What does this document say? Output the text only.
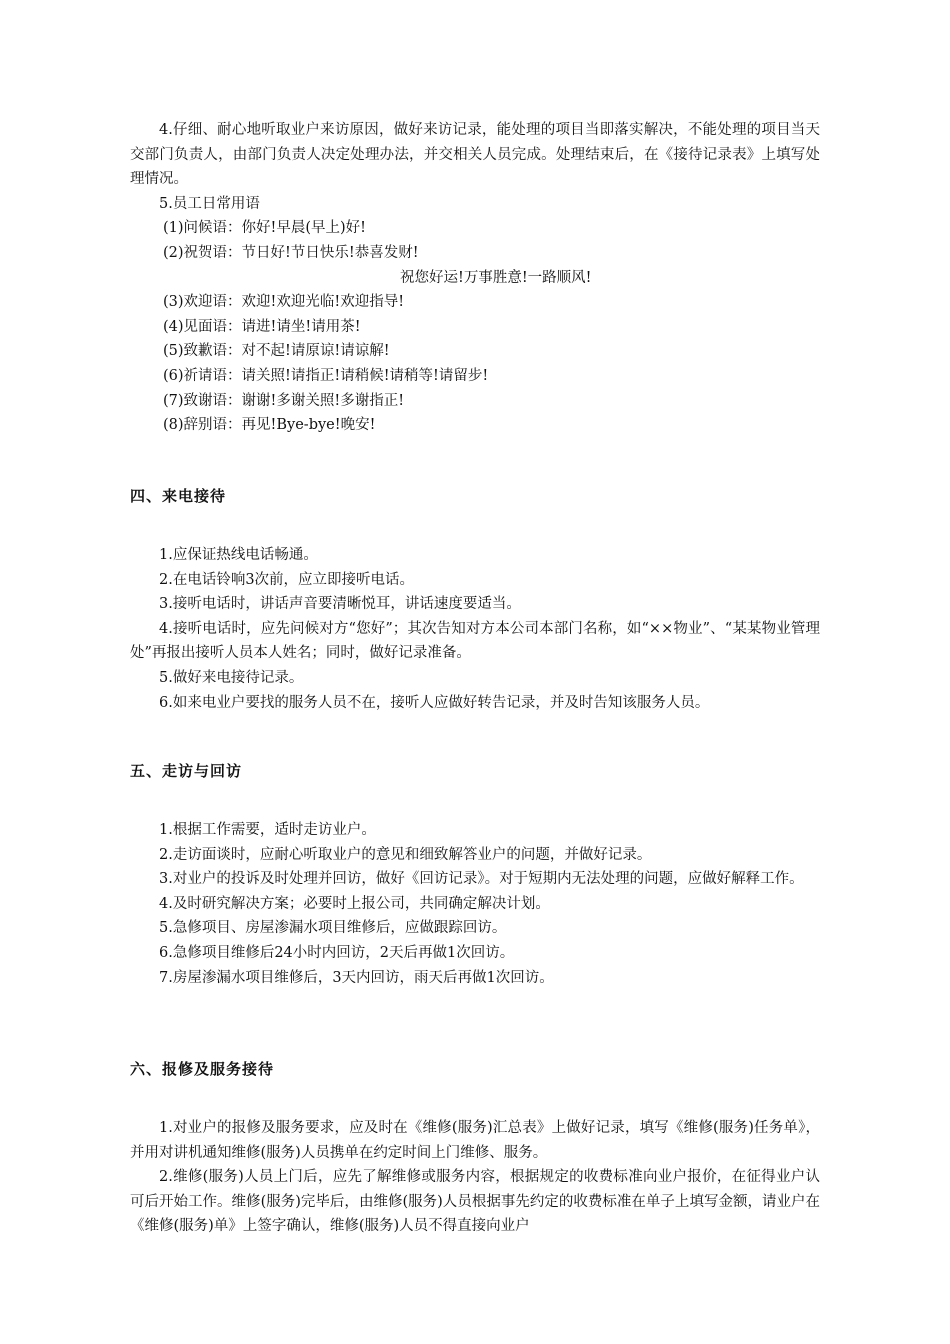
4.仔细、耐心地听取业户来访原因，做好来访记录，能处理的项目当即落实解决，不能处理的项目当天交部门负责人，由部门负责人决定处理办法，并交相关人员完成。处理结束后，在《接待记录表》上填写处理情况。

5.员工日常用语

(1)问候语：你好!早晨(早上)好!

(2)祝贺语：节日好!节日快乐!恭喜发财!

祝您好运!万事胜意!一路顺风!

(3)欢迎语：欢迎!欢迎光临!欢迎指导!

(4)见面语：请进!请坐!请用茶!

(5)致歉语：对不起!请原谅!请谅解!

(6)祈请语：请关照!请指正!请稍候!请稍等!请留步!

(7)致谢语：谢谢!多谢关照!多谢指正!

(8)辞别语：再见!Bye-bye!晚安!

四、来电接待

1.应保证热线电话畅通。

2.在电话铃响3次前，应立即接听电话。

3.接听电话时，讲话声音要清晰悦耳，讲话速度要适当。

4.接听电话时，应先问候对方“您好”；其次告知对方本公司本部门名称，如“××物业”、“某某物业管理处”再报出接听人员本人姓名；同时，做好记录准备。

5.做好来电接待记录。

6.如来电业户要找的服务人员不在，接听人应做好转告记录，并及时告知该服务人员。

五、走访与回访

1.根据工作需要，适时走访业户。

2.走访面谈时，应耐心听取业户的意见和细致解答业户的问题，并做好记录。

3.对业户的投诉及时处理并回访，做好《回访记录》。对于短期内无法处理的问题，应做好解释工作。

4.及时研究解决方案；必要时上报公司，共同确定解决计划。

5.急修项目、房屋渗漏水项目维修后，应做跟踪回访。

6.急修项目维修后24小时内回访，2天后再做1次回访。

7.房屋渗漏水项目维修后，3天内回访，雨天后再做1次回访。

六、报修及服务接待

1.对业户的报修及服务要求，应及时在《维修(服务)汇总表》上做好记录，填写《维修(服务)任务单》，并用对讲机通知维修(服务)人员携单在约定时间上门维修、服务。

2.维修(服务)人员上门后，应先了解维修或服务内容，根据规定的收费标准向业户报价，在征得业户认可后开始工作。维修(服务)完毕后，由维修(服务)人员根据事先约定的收费标准在单子上填写金额，请业户在《维修(服务)单》上签字确认，维修(服务)人员不得直接向业户
